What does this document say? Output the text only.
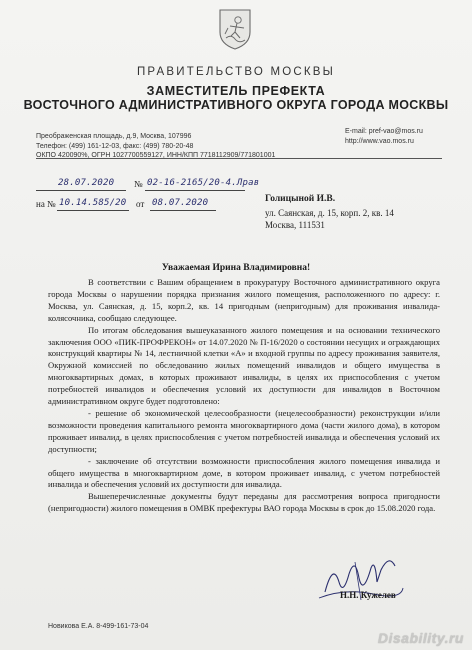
ПРАВИТЕЛЬСТВО МОСКВЫ
ЗАМЕСТИТЕЛЬ ПРЕФЕКТА
ВОСТОЧНОГО АДМИНИСТРАТИВНОГО ОКРУГА ГОРОДА МОСКВЫ
Преображенская площадь, д.9, Москва, 107996
Телефон: (499) 161-12-03, факс: (499) 780-20-48
ОКПО 420090%, ОГРН 1027700559127, ИНН/КПП 7718112909/771801001
E-mail: pref-vao@mos.ru
http://www.vao.mos.ru
28.07.2020 № 02-16-2165/20-4.Лрав
на № 10.14.585/20 от 08.07.2020	Голицыной И.В.
ул. Саянская, д. 15, корп. 2, кв. 14
Москва, 111531
Уважаемая Ирина Владимировна!

В соответствии с Вашим обращением в прокуратуру Восточного административного округа города Москвы о нарушении порядка признания жилого помещения, расположенного по адресу: г. Москва, ул. Саянская, д. 15, корп.2, кв. 14 пригодным (непригодным) для проживания инвалида-колясочника, сообщаю следующее.

По итогам обследования вышеуказанного жилого помещения и на основании технического заключения ООО «ПИК-ПРОФРЕКОН» от 14.07.2020 № П-16/2020 о состоянии несущих и ограждающих конструкций квартиры № 14, лестничной клетки «А» и входной группы по адресу проживания заявителя, Окружной комиссией по обследованию жилых помещений инвалидов и общего имущества в многоквартирных домах, в которых проживают инвалиды, в целях их приспособления с учетом потребностей инвалидов и обеспечения условий их доступности для инвалидов в Восточном административном округе будет подготовлено:

- решение об экономической целесообразности (нецелесообразности) реконструкции и/или возможности проведения капитального ремонта многоквартирного дома (части жилого дома), в котором проживает инвалид, в целях приспособления с учетом потребностей инвалида и обеспечения условий их доступности;

- заключение об отсутствии возможности приспособления жилого помещения инвалида и общего имущества в многоквартирном доме, в котором проживает инвалид, с учетом потребностей инвалида и обеспечения условий их доступности для инвалида.

Вышеперечисленные документы будут переданы для рассмотрения вопроса пригодности (непригодности) жилого помещения в ОМВК префектуры ВАО города Москвы в срок до 15.08.2020 года.

Н.Н. Кужелев
Новикова Е.А. 8-499-161-73-04
Disability.ru
